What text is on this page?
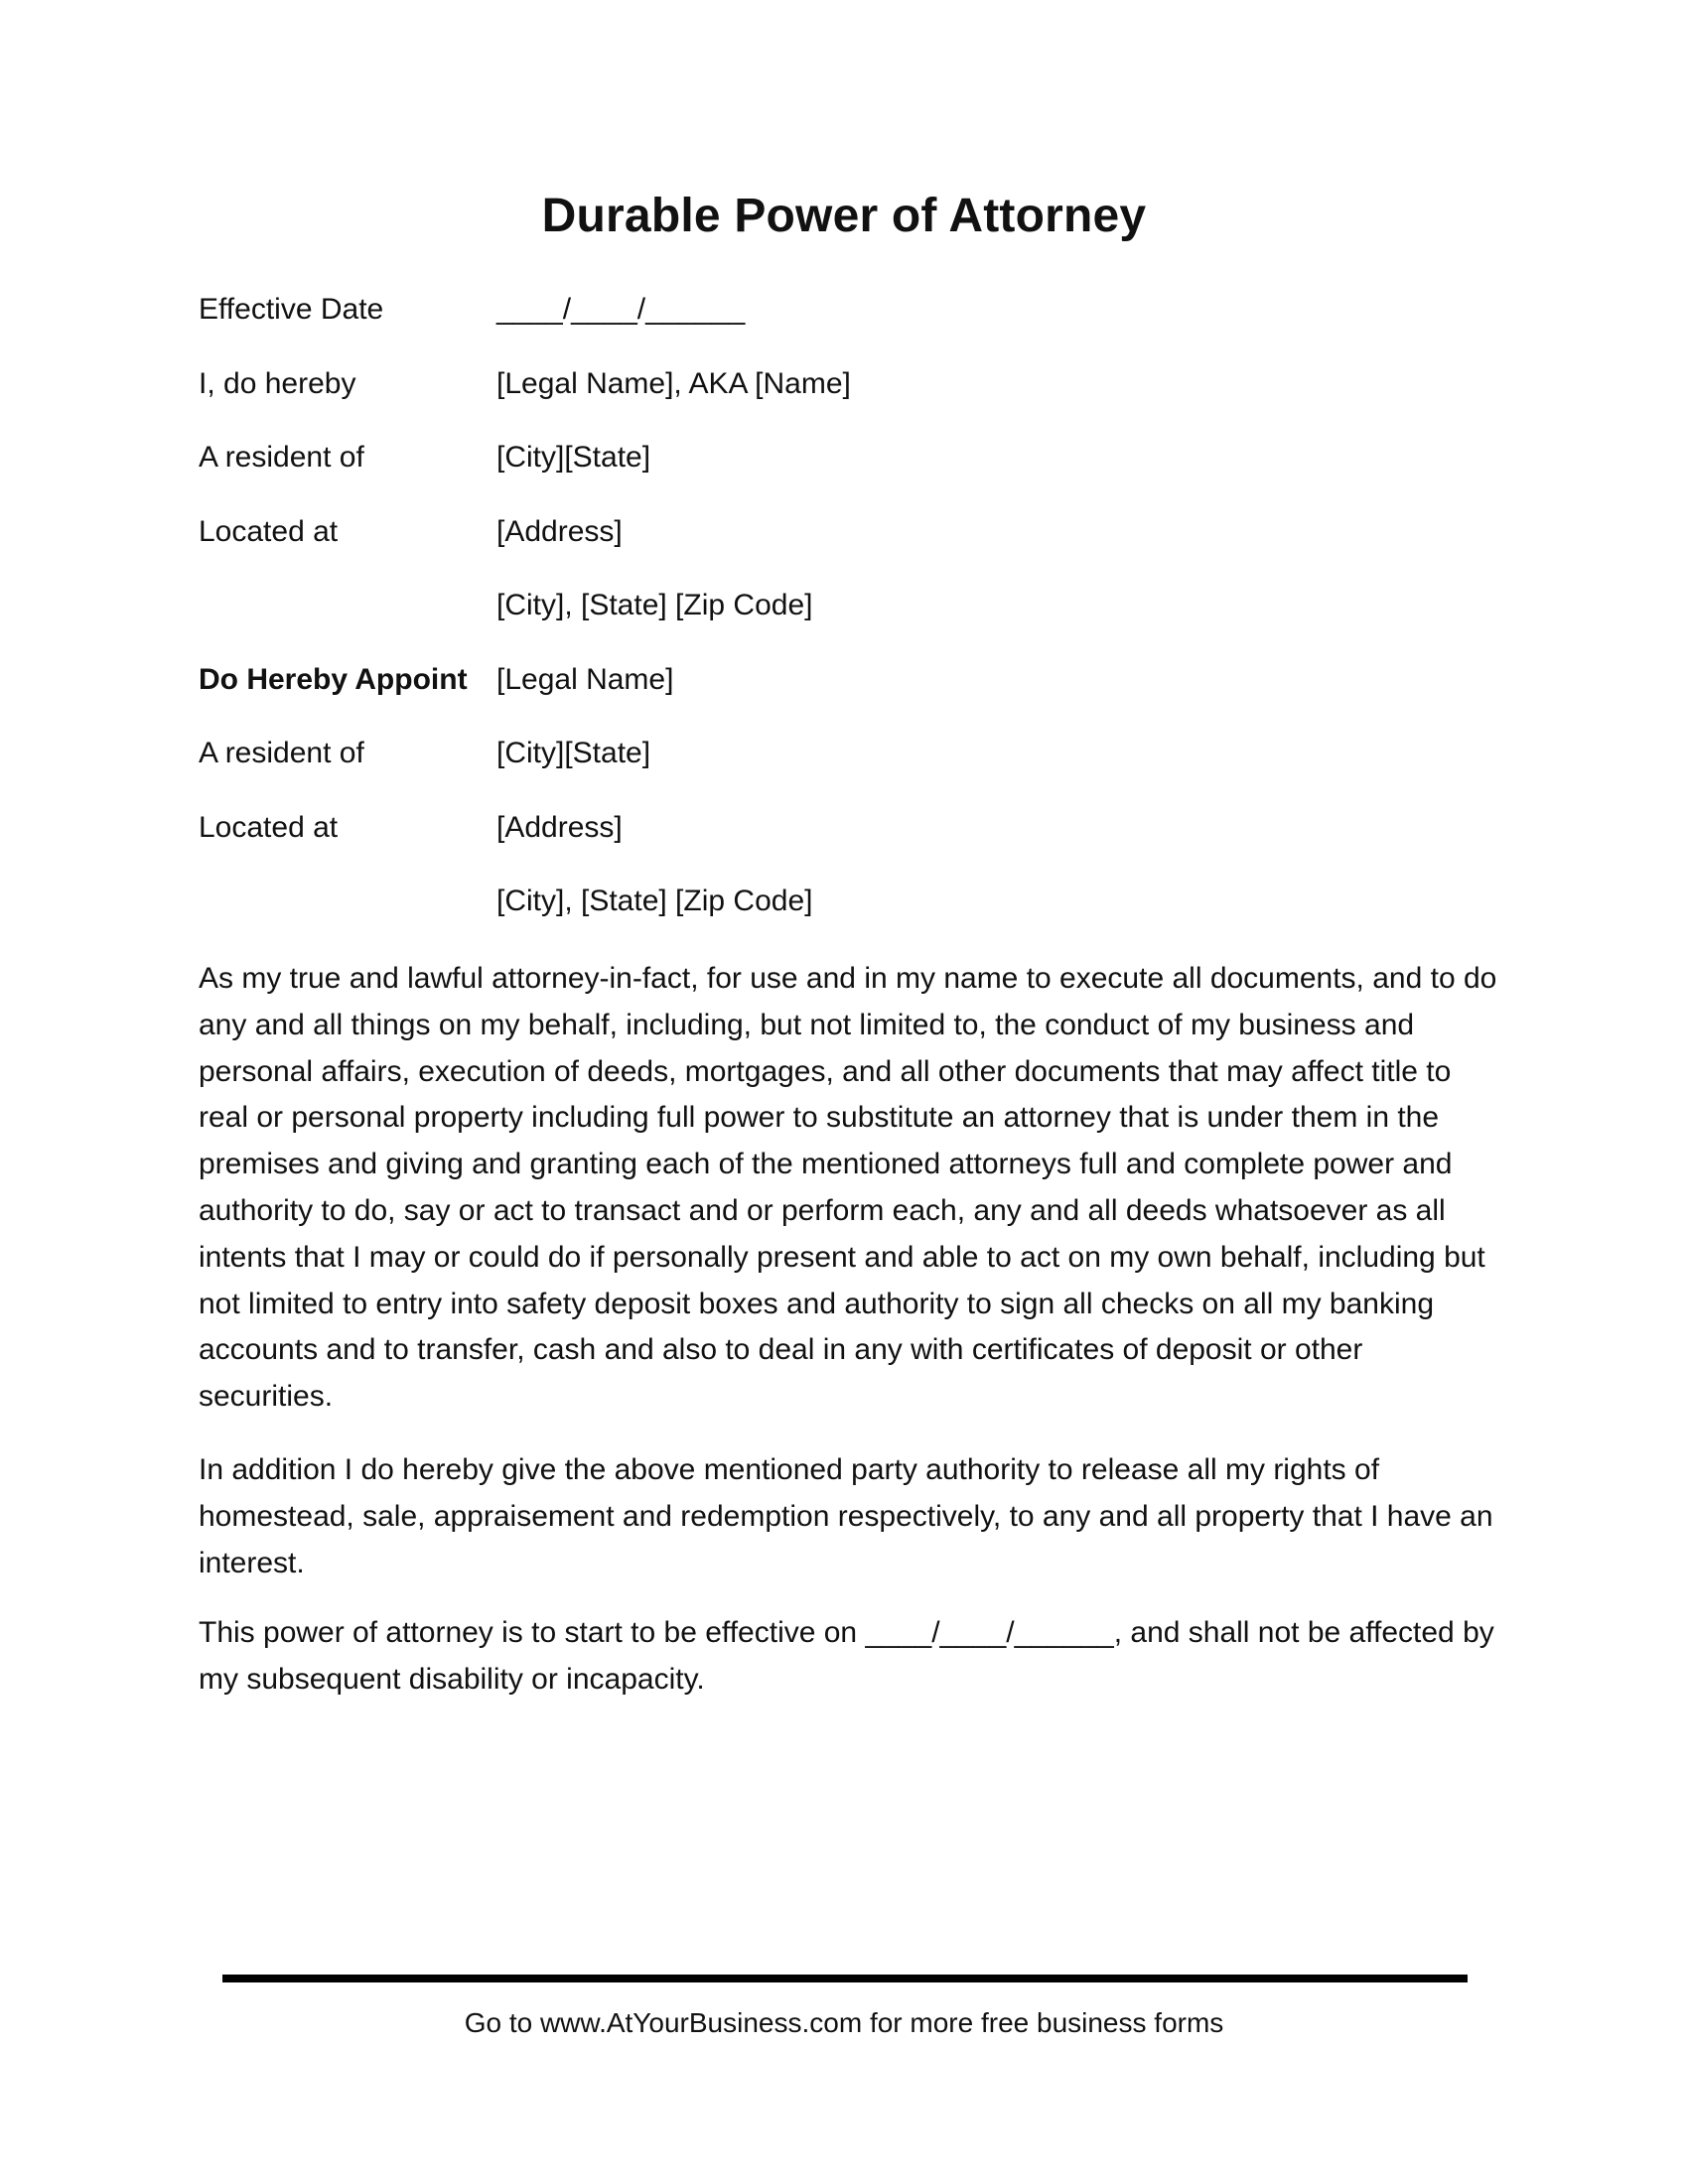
Durable Power of Attorney
Effective Date	____/____/______
I, do hereby	[Legal Name], AKA [Name]
A resident of	[City][State]
Located at	[Address]
[City], [State] [Zip Code]
Do Hereby Appoint [Legal Name]
A resident of	[City][State]
Located at	[Address]
[City], [State] [Zip Code]

As my true and lawful attorney-in-fact, for use and in my name to execute all documents, and to do any and all things on my behalf, including, but not limited to, the conduct of my business and personal affairs, execution of deeds, mortgages, and all other documents that may affect title to real or personal property including full power to substitute an attorney that is under them in the premises and giving and granting each of the mentioned attorneys full and complete power and authority to do, say or act to transact and or perform each, any and all deeds whatsoever as all intents that I may or could do if personally present and able to act on my own behalf, including but not limited to entry into safety deposit boxes and authority to sign all checks on all my banking accounts and to transfer, cash and also to deal in any with certificates of deposit or other securities.

In addition I do hereby give the above mentioned party authority to release all my rights of homestead, sale, appraisement and redemption respectively, to any and all property that I have an interest.

This power of attorney is to start to be effective on ____/____/______, and shall not be affected by my subsequent disability or incapacity.

Go to www.AtYourBusiness.com for more free business forms
